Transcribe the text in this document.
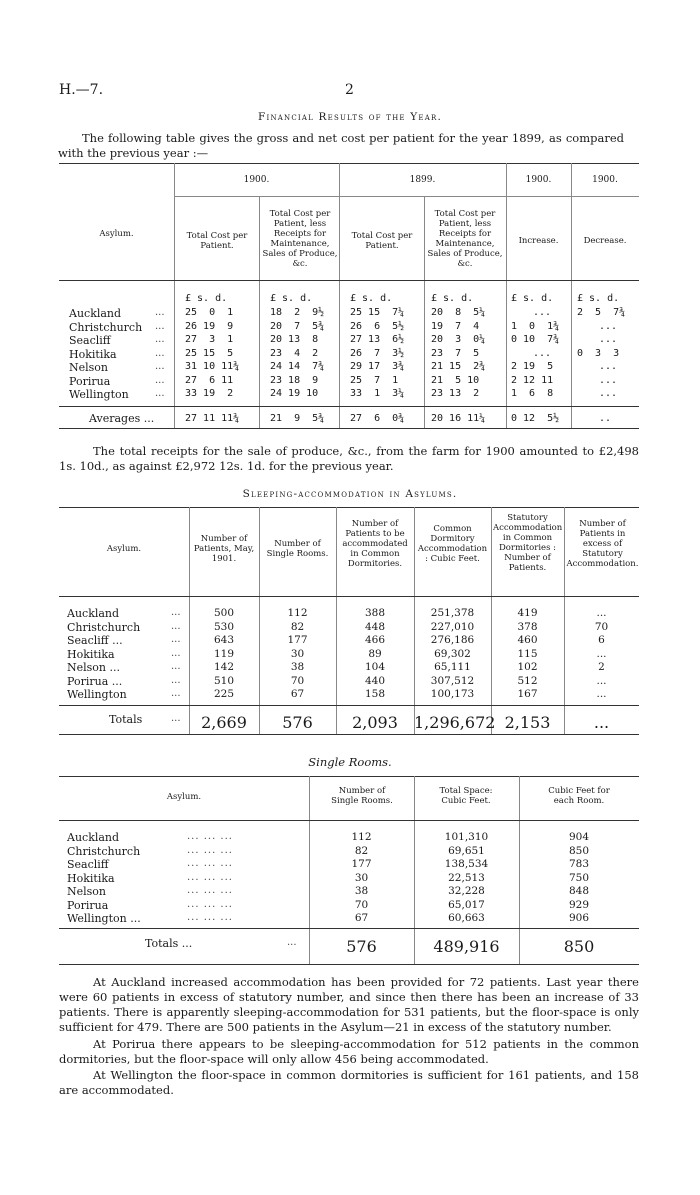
H.—7.	2
Financial Results of the Year.
The following table gives the gross and net cost per patient for the year 1899, as compared with the previous year :—
1900.	1899.	1900.	1900.
Asylum.	Total Cost per Patient.
Total Cost per Patient, less Receipts for Maintenance, Sales of Produce, &c.
Total Cost per Patient.
Total Cost per Patient, less Receipts for Maintenance, Sales of Produce, &c.
Increase.	Decrease.
£ s. d.	£ s. d.	£ s. d.	£ s. d.	£ s. d. £ s. d.
Auckland	... 25  0  1	18  2  9½	25 15  7¼	20  8  5¼	...	2  5  7¾
Christchurch ... 26 19  9	20  7  5¾	26  6  5½	19  7  4	1  0  1¾	...
Seacliff	... 27  3  1	20 13  8	27 13  6½	20  3  0¼	0 10  7¾	...
Hokitika	... 25 15  5	23  4  2	26  7  3½	23  7  5	...	0  3  3
Nelson	... 31 10 11¾	24 14  7¾	29 17  3¾	21 15  2¾	2 19  5	...
Porirua	... 27  6 11	23 18  9	25  7  1	21  5 10	2 12 11	...
Wellington	... 33 19  2	24 19 10	33  1  3¼	23 13  2	1  6  8	...
Averages ...	27 11 11¾	21  9  5¾	27  6  0¾	20 16 11¼	0 12  5½	..
The total receipts for the sale of produce, &c., from the farm for 1900 amounted to £2,498 1s. 10d., as against £2,972 12s. 1d. for the previous year.
Sleeping-accommodation in Asylums.
Asylum.
Number of Patients, May, 1901.
Number of Single Rooms.
Number of Patients to be accommodated in Common Dormitories.
Common Dormitory Accommodation : Cubic Feet.
Statutory Accommodation in Common Dormitories : Number of Patients.
Number of Patients in excess of Statutory Accommodation.
Auckland	...	500	112	388	251,378	419	...
Christchurch	...	530	82	448	227,010	378	70
Seacliff ...	...	643	177	466	276,186	460	6
Hokitika	...	119	30	89	69,302	115	...
Nelson ...	...	142	38	104	65,111	102	2
Porirua ...	...	510	70	440	307,512	512	...
Wellington	...	225	67	158	100,173	167	...
Totals	...	2,669	576	2,093	1,296,672 2,153	...
Single Rooms.
Asylum.
Number of Single Rooms.
Total Space: Cubic Feet.
Cubic Feet for each Room.
Auckland	... ... ...	112	101,310	904
Christchurch	... ... ...	82	69,651	850
Seacliff	... ... ...	177	138,534	783
Hokitika	... ... ...	30	22,513	750
Nelson	... ... ...	38	32,228	848
Porirua	... ... ...	70	65,017	929
Wellington ...	... ... ...	67	60,663	906
Totals ...	...	576	489,916	850
At Auckland increased accommodation has been provided for 72 patients. Last year there were 60 patients in excess of statutory number, and since then there has been an increase of 33 patients. There is apparently sleeping-accommodation for 531 patients, but the floor-space is only sufficient for 479. There are 500 patients in the Asylum—21 in excess of the statutory number.
At Porirua there appears to be sleeping-accommodation for 512 patients in the common dormitories, but the floor-space will only allow 456 being accommodated.
At Wellington the floor-space in common dormitories is sufficient for 161 patients, and 158 are accommodated.
